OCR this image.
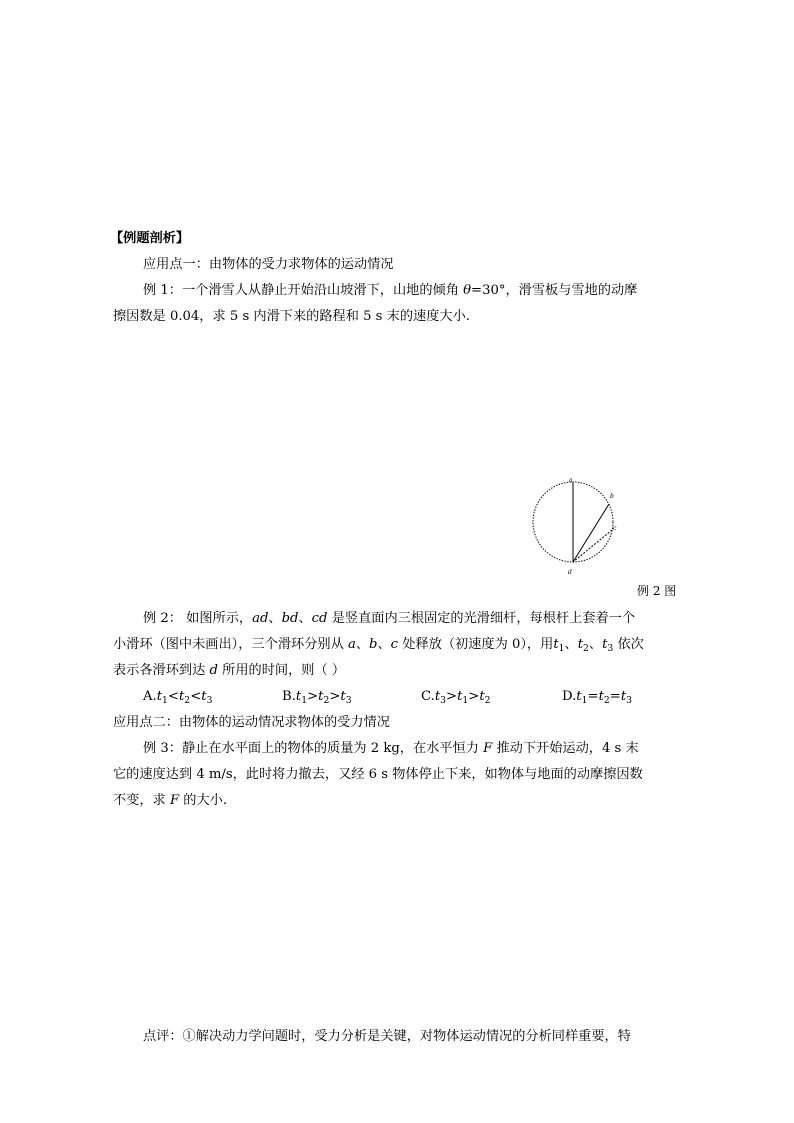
【例题剖析】
应用点一：由物体的受力求物体的运动情况
例 1：一个滑雪人从静止开始沿山坡滑下，山地的倾角 θ=30°，滑雪板与雪地的动摩
擦因数是 0.04，求 5 s 内滑下来的路程和 5 s 末的速度大小.
a
b
c
d
例 2 图
例 2： 如图所示，ad、bd、cd 是竖直面内三根固定的光滑细杆，每根杆上套着一个
小滑环（图中未画出），三个滑环分别从 a、b、c 处释放（初速度为 0），用$t_1$、$t_2$、$t_3$ 依次
表示各滑环到达 d 所用的时间，则（ ）
$A.t_1<t_2<t_3$	$B.t_1>t_2>t_3$	$C.t_3>t_1>t_2$	$D.t_1=t_2=t_3$
应用点二：由物体的运动情况求物体的受力情况
例 3：静止在水平面上的物体的质量为 2 kg，在水平恒力 F 推动下开始运动，4 s 末
它的速度达到 4 m/s，此时将力撤去，又经 6 s 物体停止下来，如物体与地面的动摩擦因数
不变，求 F 的大小.
点评：①解决动力学问题时，受力分析是关键，对物体运动情况的分析同样重要，特
